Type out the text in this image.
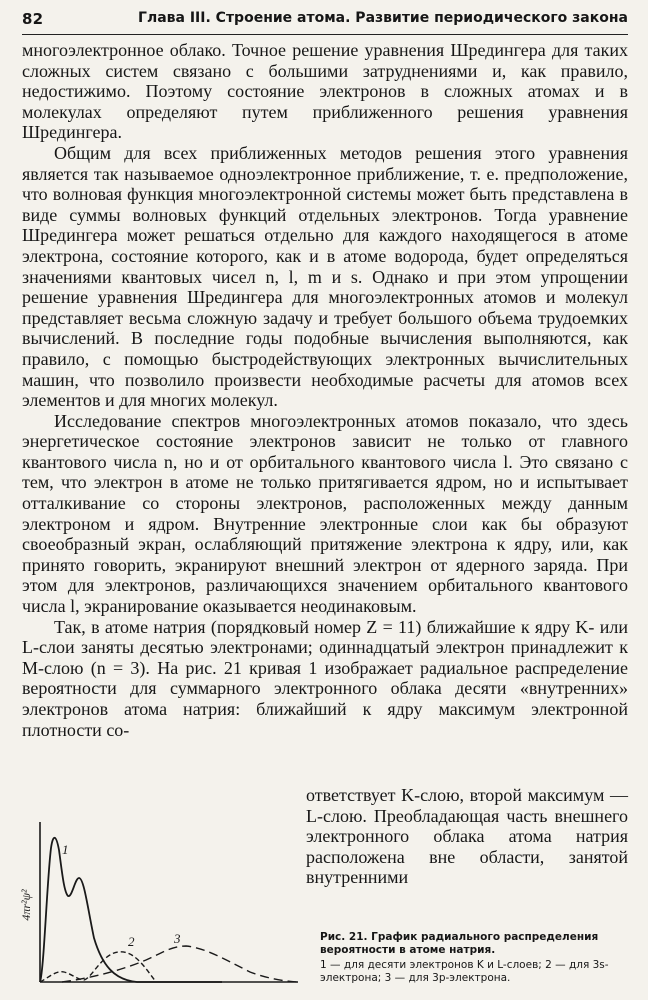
82	Глава III. Строение атома. Развитие периодического закона

многоэлектронное облако. Точное решение уравнения Шредингера для таких сложных систем связано с большими затруднениями и, как правило, недостижимо. Поэтому состояние электронов в сложных атомах и в молекулах определяют путем приближенного решения уравнения Шредингера.

Общим для всех приближенных методов решения этого уравнения является так называемое одноэлектронное приближение, т. е. предположение, что волновая функция многоэлектронной системы может быть представлена в виде суммы волновых функций отдельных электронов. Тогда уравнение Шредингера может решаться отдельно для каждого находящегося в атоме электрона, состояние которого, как и в атоме водорода, будет определяться значениями квантовых чисел n, l, m и s. Однако и при этом упрощении решение уравнения Шредингера для многоэлектронных атомов и молекул представляет весьма сложную задачу и требует большого объема трудоемких вычислений. В последние годы подобные вычисления выполняются, как правило, с помощью быстродействующих электронных вычислительных машин, что позволило произвести необходимые расчеты для атомов всех элементов и для многих молекул.

Исследование спектров многоэлектронных атомов показало, что здесь энергетическое состояние электронов зависит не только от главного квантового числа n, но и от орбитального квантового числа l. Это связано с тем, что электрон в атоме не только притягивается ядром, но и испытывает отталкивание со стороны электронов, расположенных между данным электроном и ядром. Внутренние электронные слои как бы образуют своеобразный экран, ослабляющий притяжение электрона к ядру, или, как принято говорить, экранируют внешний электрон от ядерного заряда. При этом для электронов, различающихся значением орбитального квантового числа l, экранирование оказывается неодинаковым.

Так, в атоме натрия (порядковый номер Z = 11) ближайшие к ядру K- или L-слои заняты десятью электронами; одиннадцатый электрон принадлежит к M-слою (n = 3). На рис. 21 кривая 1 изображает радиальное распределение вероятности для суммарного электронного облака десяти «внутренних» электронов атома натрия: ближайший к ядру максимум электронной плотности со-

ответствует K-слою, второй максимум — L-слою. Преобладающая часть внешнего электронного облака атома натрия расположена вне области, занятой внутренними

4πr²ψ²
1
2	3	Рис. 21. График радиального распределения вероятности в атоме натрия.
1 — для десяти электронов K и L-слоев; 2 — для 3s-электрона; 3 — для 3p-электрона.
